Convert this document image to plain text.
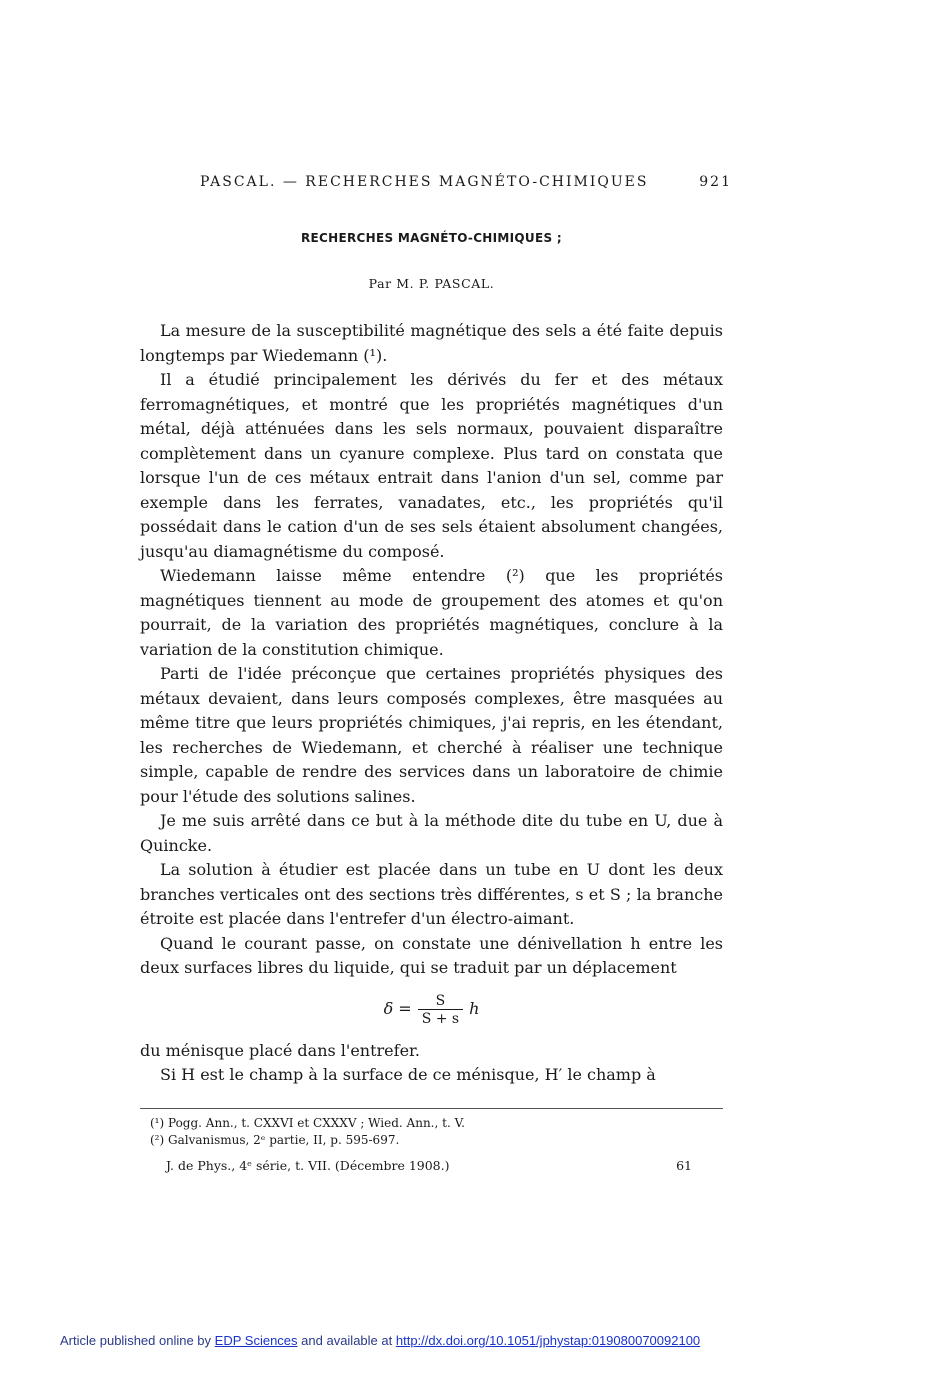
PASCAL. — RECHERCHES MAGNÉTO-CHIMIQUES	921
RECHERCHES MAGNÉTO-CHIMIQUES ;
Par M. P. PASCAL.

La mesure de la susceptibilité magnétique des sels a été faite depuis longtemps par Wiedemann (¹).

Il a étudié principalement les dérivés du fer et des métaux ferromagnétiques, et montré que les propriétés magnétiques d'un métal, déjà atténuées dans les sels normaux, pouvaient disparaître complètement dans un cyanure complexe. Plus tard on constata que lorsque l'un de ces métaux entrait dans l'anion d'un sel, comme par exemple dans les ferrates, vanadates, etc., les propriétés qu'il possédait dans le cation d'un de ses sels étaient absolument changées, jusqu'au diamagnétisme du composé.

Wiedemann laisse même entendre (²) que les propriétés magnétiques tiennent au mode de groupement des atomes et qu'on pourrait, de la variation des propriétés magnétiques, conclure à la variation de la constitution chimique.

Parti de l'idée préconçue que certaines propriétés physiques des métaux devaient, dans leurs composés complexes, être masquées au même titre que leurs propriétés chimiques, j'ai repris, en les étendant, les recherches de Wiedemann, et cherché à réaliser une technique simple, capable de rendre des services dans un laboratoire de chimie pour l'étude des solutions salines.

Je me suis arrêté dans ce but à la méthode dite du tube en U, due à Quincke.

La solution à étudier est placée dans un tube en U dont les deux branches verticales ont des sections très différentes, s et S ; la branche étroite est placée dans l'entrefer d'un électro-aimant.

Quand le courant passe, on constate une dénivellation h entre les deux surfaces libres du liquide, qui se traduit par un déplacement

$\delta = \frac{S}{S + s}$ h

du ménisque placé dans l'entrefer.

Si H est le champ à la surface de ce ménisque, H′ le champ à

(¹) Pogg. Ann., t. CXXVI et CXXXV ; Wied. Ann., t. V.
(²) Galvanismus, 2ᵉ partie, II, p. 595-697.
J. de Phys., 4ᵉ série, t. VII. (Décembre 1908.)	61
Article published online by EDP Sciences and available at http://dx.doi.org/10.1051/jphystap:019080070092100
